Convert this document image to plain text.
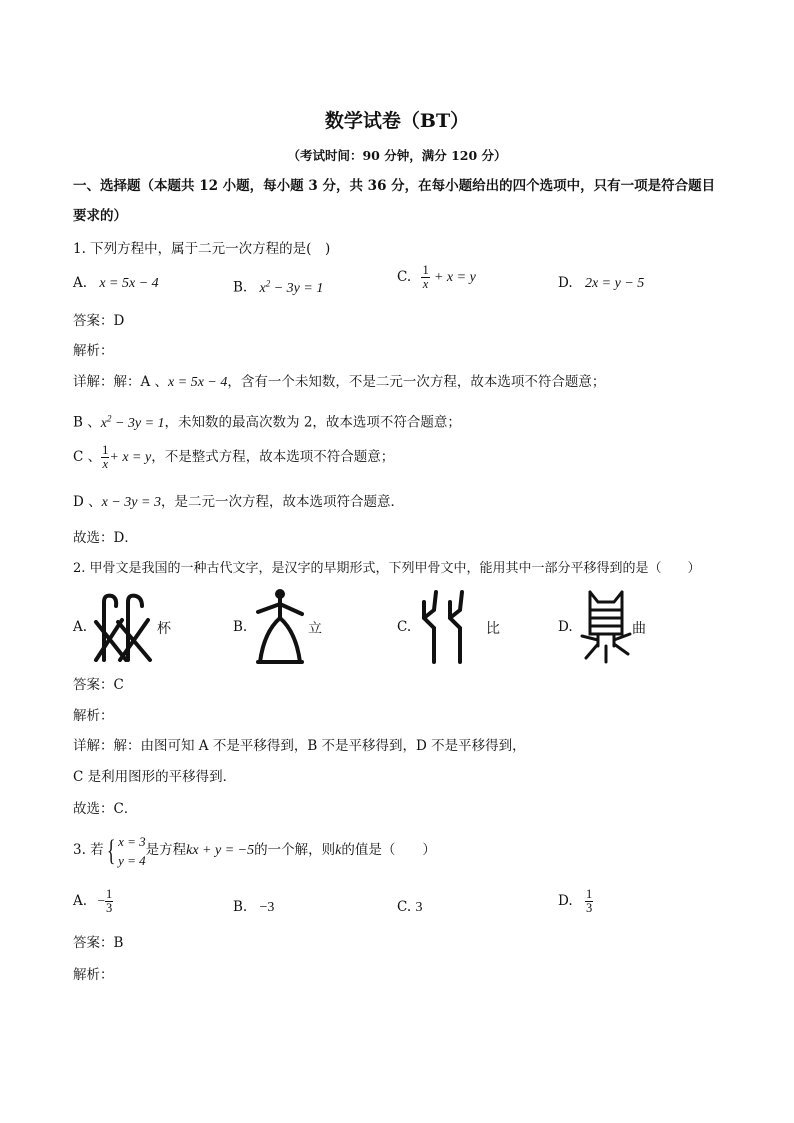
数学试卷（BT）
（考试时间：90 分钟，满分 120 分）
一、选择题（本题共 12 小题，每小题 3 分，共 36 分，在每小题给出的四个选项中，只有一项是符合题目
要求的）
1. 下列方程中，属于二元一次方程的是(　)
A. x = 5x − 4	B. $x^2 - 3y = 1$
C. $\frac{1}{x} + x = y$	D. 2x = y − 5
答案：D
解析：
详解：解：A 、x = 5x − 4，含有一个未知数，不是二元一次方程，故本选项不符合题意；
B 、$x^2 - 3y = 1$，未知数的最高次数为 2，故本选项不符合题意；
C 、 $\frac{1}{x} + x = y$，不是整式方程，故本选项不符合题意；
D 、x − 3y = 3，是二元一次方程，故本选项符合题意．
故选：D．
2. 甲骨文是我国的一种古代文字，是汉字的早期形式，下列甲骨文中，能用其中一部分平移得到的是（　　）
A.	杯	B.	立	C.	比	D.	曲
答案：C
解析：
详解：解：由图可知 A 不是平移得到，B 不是平移得到，D 不是平移得到，
C 是利用图形的平移得到．
故选：C．
3. 若{ x = 3
y = 4
是方程kx + y = −5的一个解，则k的值是（　　）
A. − $\frac{1}{3}$	B. −3	C. 3	D. $\frac{1}{3}$
答案：B
解析：
